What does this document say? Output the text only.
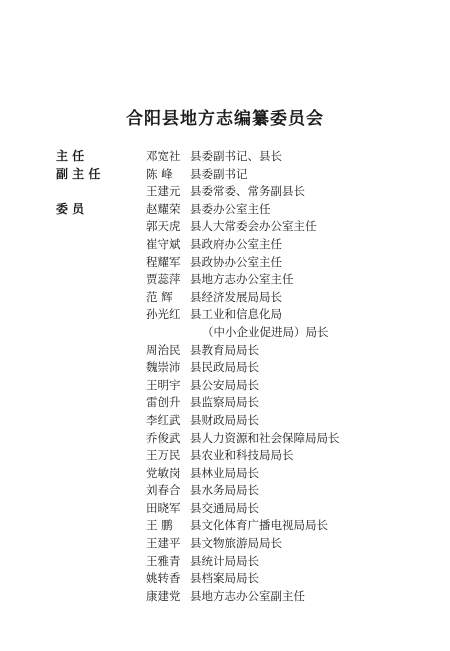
合阳县地方志编纂委员会
主 任	邓宽社 县委副书记、县长
副 主 任	陈 峰	县委副书记
王建元 县委常委、常务副县长
委 员	赵耀荣 县委办公室主任
郭天虎 县人大常委会办公室主任
崔守斌 县政府办公室主任
程耀军 县政协办公室主任
贾蕊萍 县地方志办公室主任
范 辉	县经济发展局局长
孙光红 县工业和信息化局
（中小企业促进局）局长
周治民 县教育局局长
魏崇沛 县民政局局长
王明宇 县公安局局长
雷创升 县监察局局长
李红武 县财政局局长
乔俊武 县人力资源和社会保障局局长
王万民 县农业和科技局局长
党敏岗 县林业局局长
刘春合 县水务局局长
田晓军 县交通局局长
王 鹏	县文化体育广播电视局局长
王建平 县文物旅游局局长
王雅青 县统计局局长
姚转香 县档案局局长
康建党 县地方志办公室副主任
